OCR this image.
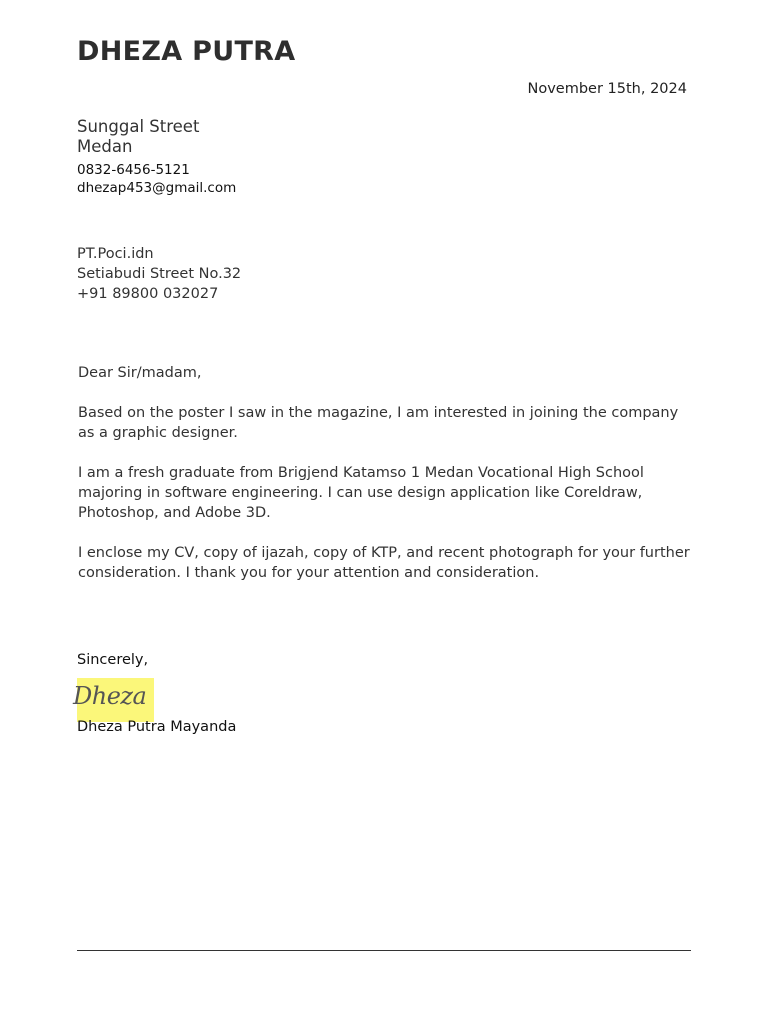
DHEZA PUTRA
November 15th, 2024
Sunggal Street
Medan
0832-6456-5121
dhezap453@gmail.com
PT.Poci.idn
Setiabudi Street No.32
+91 89800 032027

Dear Sir/madam,

Based on the poster I saw in the magazine, I am interested in joining the company as a graphic designer.

I am a fresh graduate from Brigjend Katamso 1 Medan Vocational High School majoring in software engineering. I can use design application like Coreldraw, Photoshop, and Adobe 3D.

I enclose my CV, copy of ijazah, copy of KTP, and recent photograph for your further consideration. I thank you for your attention and consideration.

Sincerely,
Dheza
Dheza Putra Mayanda
